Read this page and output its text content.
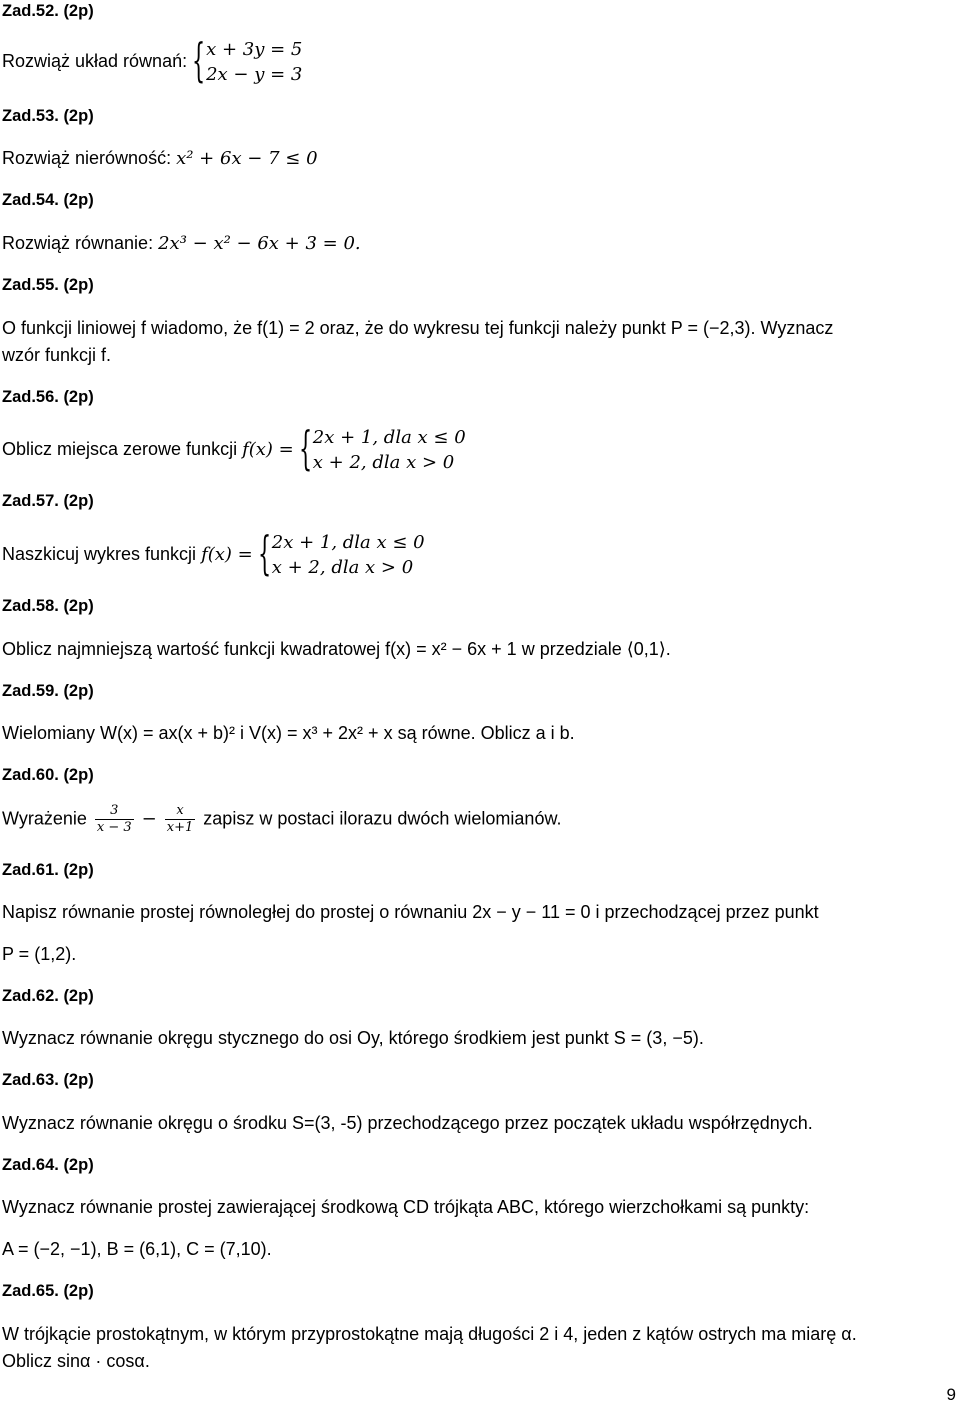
Zad.52. (2p)
Rozwiąż układ równań: { x + 3y = 5
2x − y = 3
Zad.53. (2p)
Rozwiąż nierówność: x² + 6x − 7 ≤ 0
Zad.54. (2p)
Rozwiąż równanie: 2x³ − x² − 6x + 3 = 0.
Zad.55. (2p)
O funkcji liniowej f wiadomo, że f(1) = 2 oraz, że do wykresu tej funkcji należy punkt P = (−2,3). Wyznacz
wzór funkcji f.
Zad.56. (2p)
Oblicz miejsca zerowe funkcji f(x) = { 2x + 1, dla x ≤ 0
x + 2, dla x > 0
Zad.57. (2p)
Naszkicuj wykres funkcji f(x) = { 2x + 1, dla x ≤ 0
x + 2, dla x > 0
Zad.58. (2p)
Oblicz najmniejszą wartość funkcji kwadratowej f(x) = x² − 6x + 1 w przedziale ⟨0,1⟩.
Zad.59. (2p)
Wielomiany W(x) = ax(x + b)² i V(x) = x³ + 2x² + x są równe. Oblicz a i b.
Zad.60. (2p)
Wyrażenie $\frac{3}{x - 3} - \frac{x}{x+1}$ zapisz w postaci ilorazu dwóch wielomianów.
Zad.61. (2p)
Napisz równanie prostej równoległej do prostej o równaniu 2x − y − 11 = 0 i przechodzącej przez punkt
P = (1,2).
Zad.62. (2p)
Wyznacz równanie okręgu stycznego do osi Oy, którego środkiem jest punkt S = (3, −5).
Zad.63. (2p)
Wyznacz równanie okręgu o środku S=(3, -5) przechodzącego przez początek układu współrzędnych.
Zad.64. (2p)
Wyznacz równanie prostej zawierającej środkową CD trójkąta ABC, którego wierzchołkami są punkty:
A = (−2, −1), B = (6,1), C = (7,10).
Zad.65. (2p)
W trójkącie prostokątnym, w którym przyprostokątne mają długości 2 i 4, jeden z kątów ostrych ma miarę α.
Oblicz sinα · cosα.
9
